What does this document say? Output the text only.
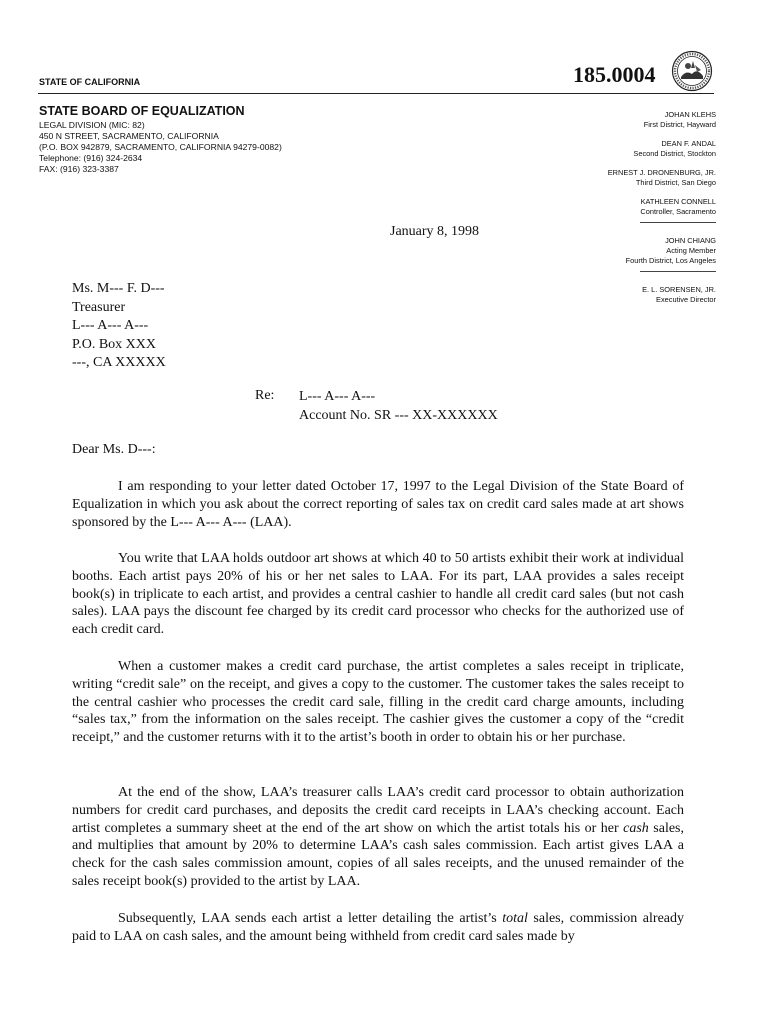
STATE OF CALIFORNIA	185.0004
STATE BOARD OF EQUALIZATION
LEGAL DIVISION (MIC: 82)
450 N STREET, SACRAMENTO, CALIFORNIA
(P.O. BOX 942879, SACRAMENTO, CALIFORNIA 94279-0082)
Telephone: (916) 324-2634
FAX: (916) 323-3387
JOHAN KLEHS
First District, Hayward
DEAN F. ANDAL
Second District, Stockton
ERNEST J. DRONENBURG, JR.
Third District, San Diego
KATHLEEN CONNELL
Controller, Sacramento
JOHN CHIANG
Acting Member
Fourth District, Los Angeles
E. L. SORENSEN, JR.
Executive Director
January 8, 1998
Ms. M--- F. D---
Treasurer
L--- A--- A---
P.O. Box XXX
---, CA XXXXX
Re: L--- A--- A---
Account No. SR --- XX-XXXXXX
Dear Ms. D---:

I am responding to your letter dated October 17, 1997 to the Legal Division of the State Board of Equalization in which you ask about the correct reporting of sales tax on credit card sales made at art shows sponsored by the L--- A--- A--- (LAA).

You write that LAA holds outdoor art shows at which 40 to 50 artists exhibit their work at individual booths. Each artist pays 20% of his or her net sales to LAA. For its part, LAA provides a sales receipt book(s) in triplicate to each artist, and provides a central cashier to handle all credit card sales (but not cash sales). LAA pays the discount fee charged by its credit card processor who checks for the authorized use of each credit card.

When a customer makes a credit card purchase, the artist completes a sales receipt in triplicate, writing “credit sale” on the receipt, and gives a copy to the customer. The customer takes the sales receipt to the central cashier who processes the credit card sale, filling in the credit card charge amounts, including “sales tax,” from the information on the sales receipt. The cashier gives the customer a copy of the “credit receipt,” and the customer returns with it to the artist’s booth in order to obtain his or her purchase.

At the end of the show, LAA’s treasurer calls LAA’s credit card processor to obtain authorization numbers for credit card purchases, and deposits the credit card receipts in LAA’s checking account. Each artist completes a summary sheet at the end of the art show on which the artist totals his or her cash sales, and multiplies that amount by 20% to determine LAA’s cash sales commission. Each artist gives LAA a check for the cash sales commission amount, copies of all sales receipts, and the unused remainder of the sales receipt book(s) provided to the artist by LAA.

Subsequently, LAA sends each artist a letter detailing the artist’s total sales, commission already paid to LAA on cash sales, and the amount being withheld from credit card sales made by
